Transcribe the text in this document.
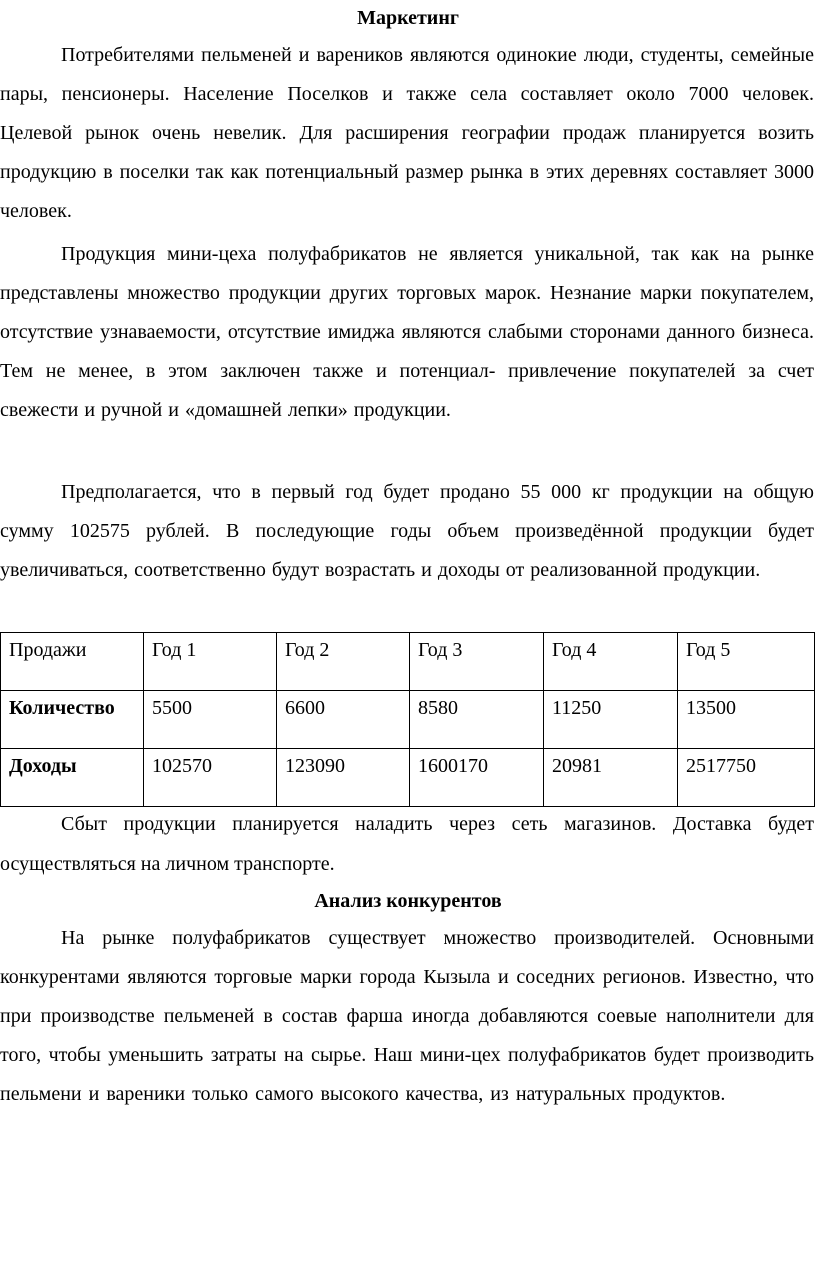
Маркетинг

Потребителями пельменей и вареников являются одинокие люди, студенты, семейные пары, пенсионеры. Население Поселков и также села составляет около 7000 человек. Целевой рынок очень невелик. Для расширения географии продаж планируется возить продукцию в поселки так как потенциальный размер рынка в этих деревнях составляет 3000 человек.

Продукция мини-цеха полуфабрикатов не является уникальной, так как на рынке представлены множество продукции других торговых марок. Незнание марки покупателем, отсутствие узнаваемости, отсутствие имиджа являются слабыми сторонами данного бизнеса. Тем не менее, в этом заключен также и потенциал- привлечение покупателей за счет свежести и ручной и «домашней лепки» продукции.

Предполагается, что в первый год будет продано 55 000 кг продукции на общую сумму 102575 рублей. В последующие годы объем произведённой продукции будет увеличиваться, соответственно будут возрастать и доходы от реализованной продукции.

Продажи	Год 1	Год 2	Год 3	Год 4	Год 5
Количество	5500	6600	8580	11250	13500
Доходы	102570	123090	1600170	20981	2517750

Сбыт продукции планируется наладить через сеть магазинов. Доставка будет осуществляться на личном транспорте.

Анализ конкурентов

На рынке полуфабрикатов существует множество производителей. Основными конкурентами являются торговые марки города Кызыла и соседних регионов. Известно, что при производстве пельменей в состав фарша иногда добавляются соевые наполнители для того, чтобы уменьшить затраты на сырье. Наш мини-цех полуфабрикатов будет производить пельмени и вареники только самого высокого качества, из натуральных продуктов.
